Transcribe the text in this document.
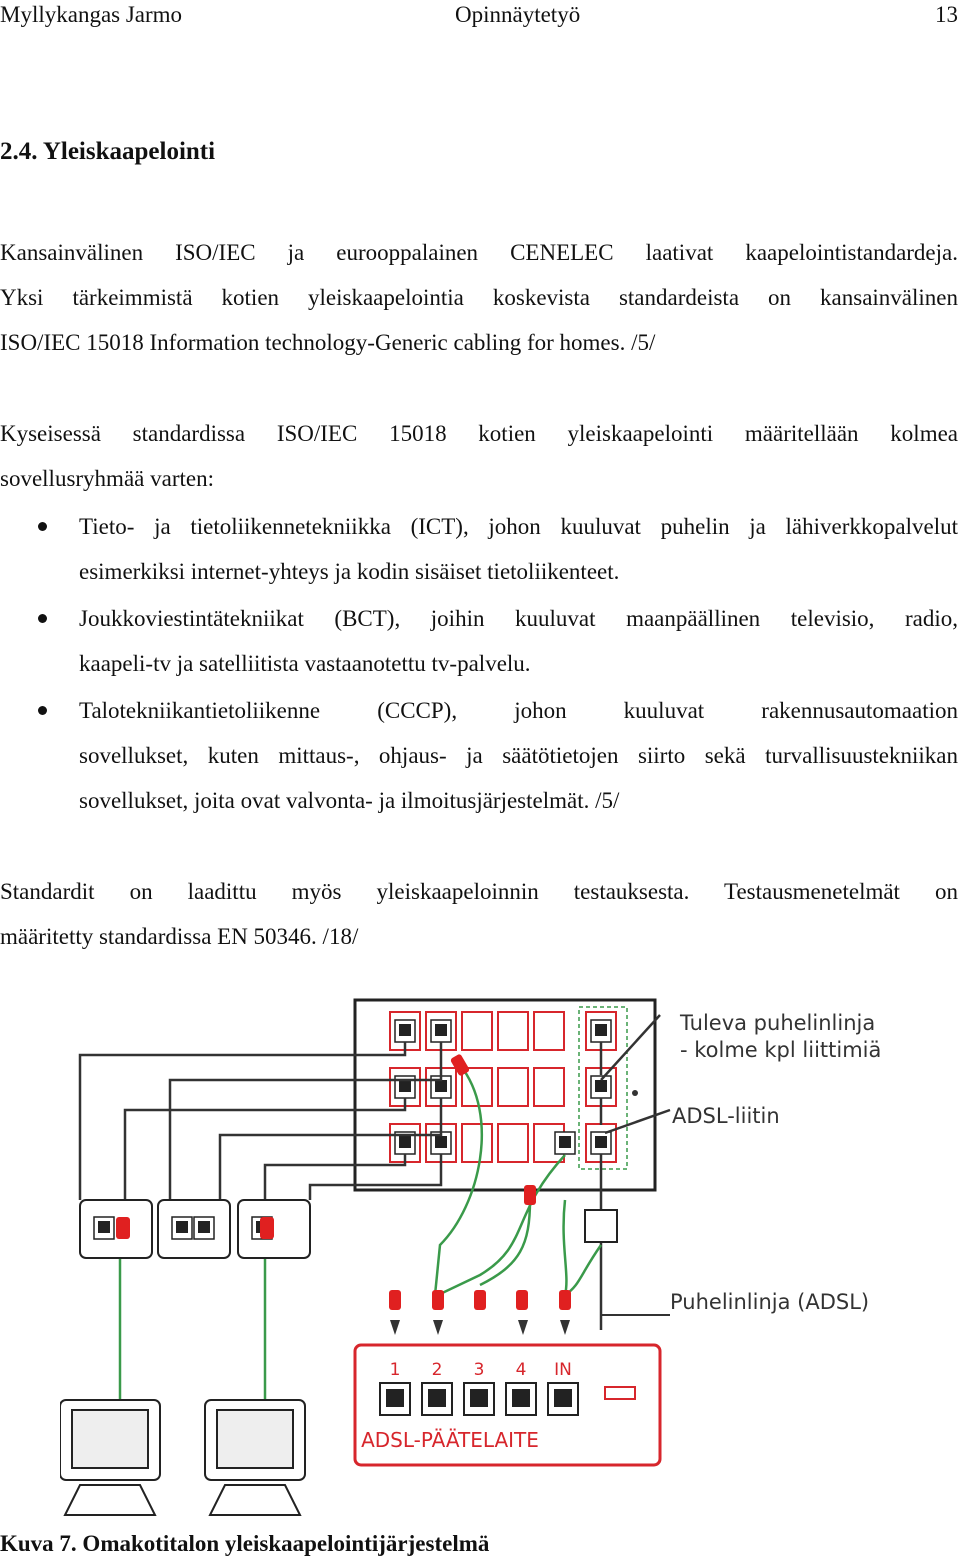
Myllykangas Jarmo	Opinnäytetyö	13
2.4. Yleiskaapelointi
Kansainvälinen ISO/IEC ja eurooppalainen CENELEC laativat kaapelointistandardeja.
Yksi tärkeimmistä kotien yleiskaapelointia koskevista standardeista on kansainvälinen
ISO/IEC 15018 Information technology-Generic cabling for homes. /5/
Kyseisessä standardissa ISO/IEC 15018 kotien yleiskaapelointi määritellään kolmea
sovellusryhmää varten:
Tieto- ja tietoliikennetekniikka (ICT), johon kuuluvat puhelin ja lähiverkkopalvelut
esimerkiksi internet-yhteys ja kodin sisäiset tietoliikenteet.
Joukkoviestintätekniikat (BCT), joihin kuuluvat maanpäällinen televisio, radio,
kaapeli-tv ja satelliitista vastaanotettu tv-palvelu.
Talotekniikantietoliikenne (CCCP), johon kuuluvat rakennusautomaation
sovellukset, kuten mittaus-, ohjaus- ja säätötietojen siirto sekä turvallisuustekniikan
sovellukset, joita ovat valvonta- ja ilmoitusjärjestelmät. /5/
Standardit on laadittu myös yleiskaapeloinnin testauksesta. Testausmenetelmät on
määritetty standardissa EN 50346. /18/
1 2 3 4 IN
ADSL-PÄÄTELAITE
Tuleva puhelinlinja
- kolme kpl liittimiä
ADSL-liitin
Puhelinlinja (ADSL)
Kuva 7. Omakotitalon yleiskaapelointijärjestelmä
